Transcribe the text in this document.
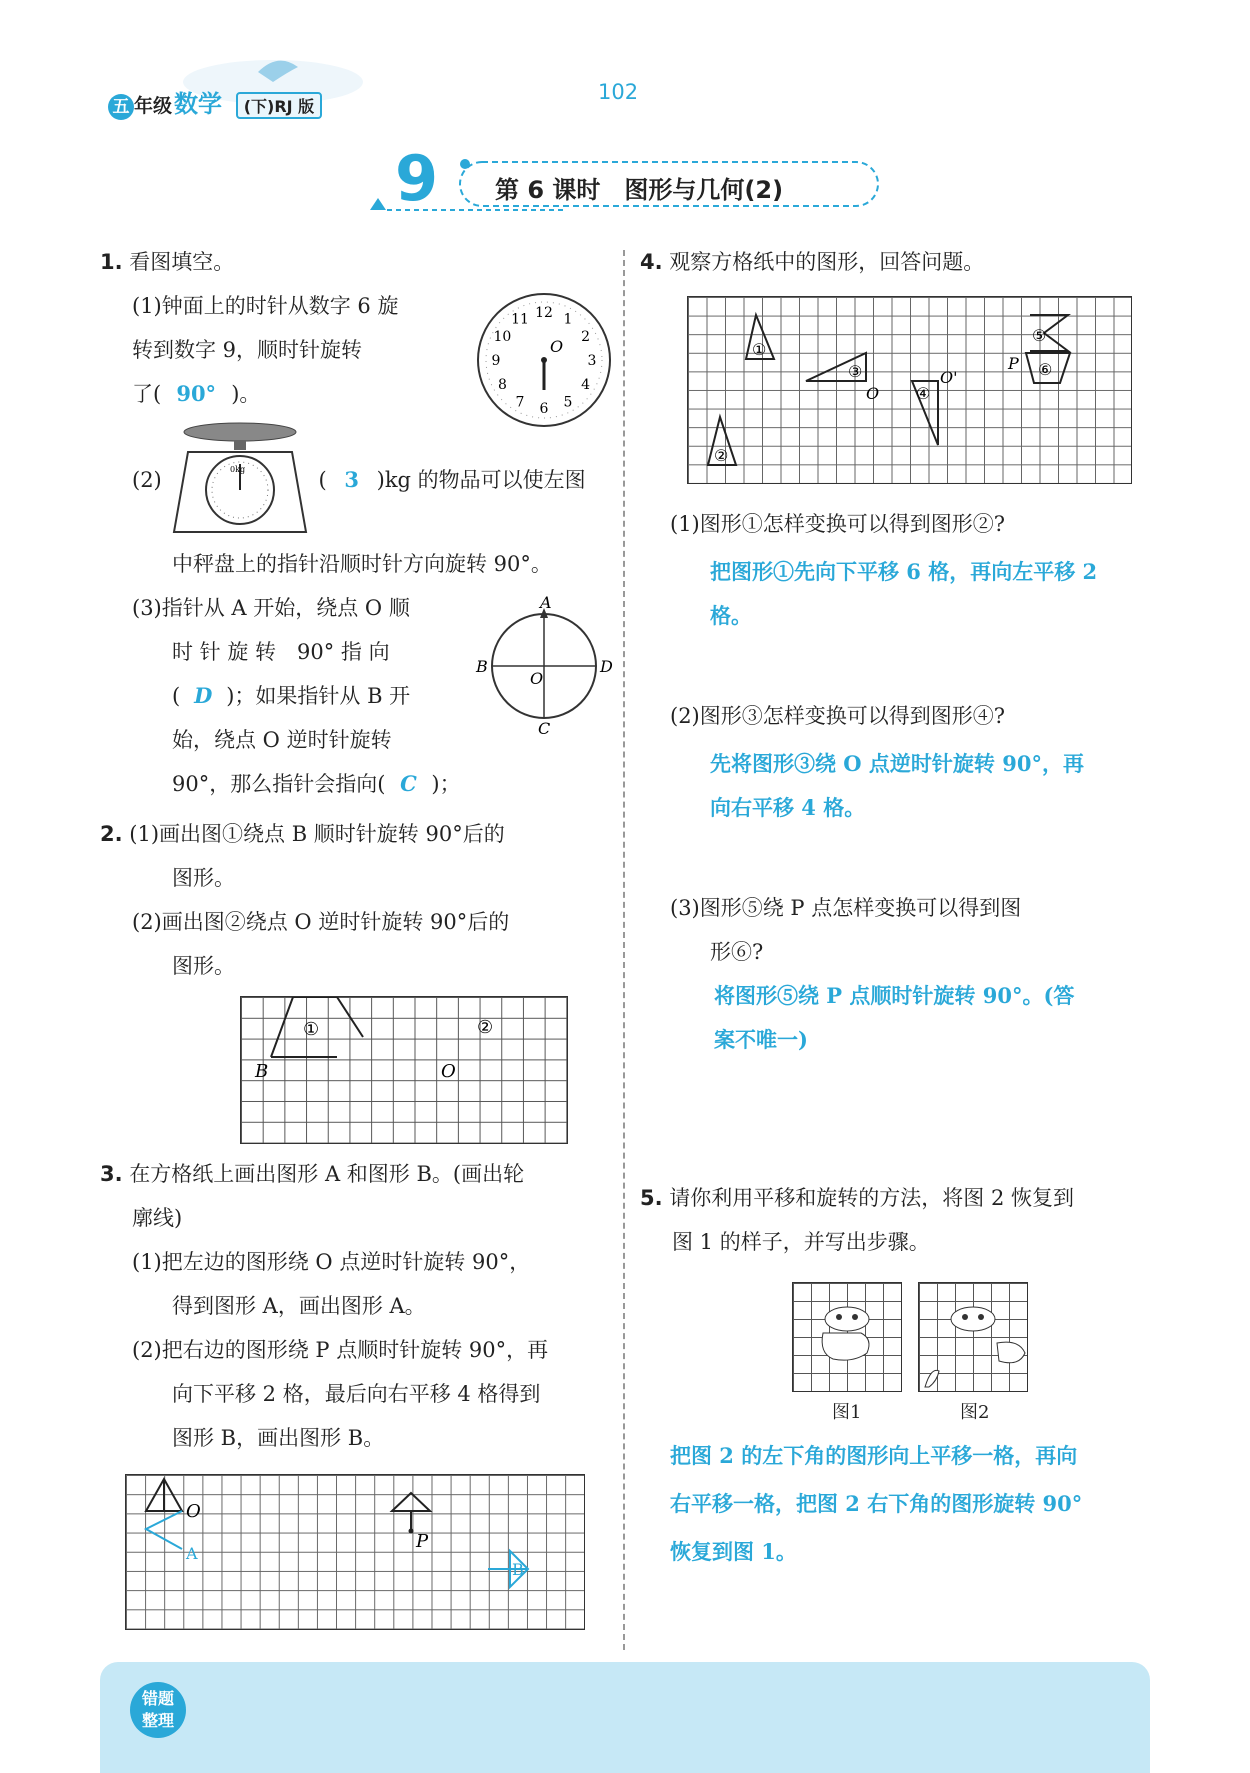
五 年级数学 (下)RJ 版
102
9 第 6 课时　图形与几何(2)
1. 看图填空。
(1)钟面上的时针从数字 6 旋
转到数字 9，顺时针旋转
了( 90° )。
O
12 1
2
3
4
5
6
7
8
9
10
11
0kg
(2)	( 3 )kg 的物品可以使左图
中秤盘上的指针沿顺时针方向旋转 90°。
(3)指针从 A 开始，绕点 O 顺
时 针 旋 转　90° 指 向
( D )；如果指针从 B 开
始，绕点 O 逆时针旋转
90°，那么指针会指向( C )；
A
B
C
D
O
2. (1)画出图①绕点 B 顺时针旋转 90°后的
图形。
(2)画出图②绕点 O 逆时针旋转 90°后的
图形。
①
B
②
O
3. 在方格纸上画出图形 A 和图形 B。(画出轮
廓线)
(1)把左边的图形绕 O 点逆时针旋转 90°，
得到图形 A，画出图形 A。
(2)把右边的图形绕 P 点顺时针旋转 90°，再
向下平移 2 格，最后向右平移 4 格得到
图形 B，画出图形 B。
O
A
P
B
4. 观察方格纸中的图形，回答问题。
①
②
③
O ④
O'
⑤
⑥
P
(1)图形①怎样变换可以得到图形②?
把图形①先向下平移 6 格，再向左平移 2
格。
(2)图形③怎样变换可以得到图形④?
先将图形③绕 O 点逆时针旋转 90°，再
向右平移 4 格。
(3)图形⑤绕 P 点怎样变换可以得到图
形⑥?
将图形⑤绕 P 点顺时针旋转 90°。(答
案不唯一)
5. 请你利用平移和旋转的方法，将图 2 恢复到
图 1 的样子，并写出步骤。
图1	图2
把图 2 的左下角的图形向上平移一格，再向
右平移一格，把图 2 右下角的图形旋转 90°
恢复到图 1。
错题
整理
